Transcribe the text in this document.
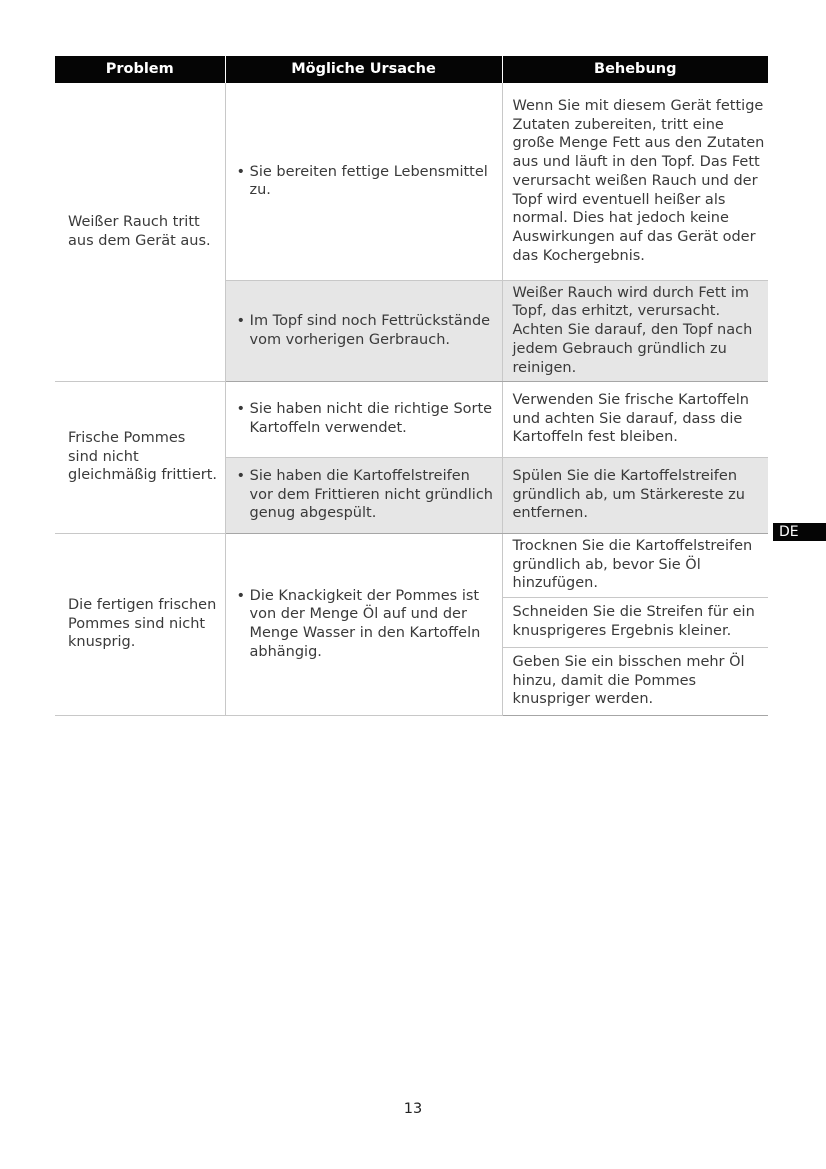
Problem	Mögliche Ursache	Behebung
Weißer Rauch tritt aus dem Gerät aus.	• Sie bereiten fettige Lebensmittel zu.	Wenn Sie mit diesem Gerät fettige Zutaten zubereiten, tritt eine große Menge Fett aus den Zutaten aus und läuft in den Topf. Das Fett verursacht weißen Rauch und der Topf wird eventuell heißer als normal. Dies hat jedoch keine Auswirkungen auf das Gerät oder das Kochergebnis.

	• Im Topf sind noch Fettrückstände vom vorherigen Gerbrauch.	Weißer Rauch wird durch Fett im Topf, das erhitzt, verursacht. Achten Sie darauf, den Topf nach jedem Gebrauch gründlich zu reinigen.
Frische Pommes sind nicht gleichmäßig frittiert.	• Sie haben nicht die richtige Sorte Kartoffeln verwendet.	Verwenden Sie frische Kartoffeln und achten Sie darauf, dass die Kartoffeln fest bleiben.

	• Sie haben die Kartoffelstreifen vor dem Frittieren nicht gründlich genug abgespült.	Spülen Sie die Kartoffelstreifen gründlich ab, um Stärkereste zu entfernen.
Die fertigen frischen Pommes sind nicht knusprig.	• Die Knackigkeit der Pommes ist von der Menge Öl auf und der Menge Wasser in den Kartoffeln abhängig.	Trocknen Sie die Kartoffelstreifen gründlich ab, bevor Sie Öl hinzufügen.
		Schneiden Sie die Streifen für ein knusprigeres Ergebnis kleiner.
		Geben Sie ein bisschen mehr Öl hinzu, damit die Pommes knuspriger werden.
DE
13
